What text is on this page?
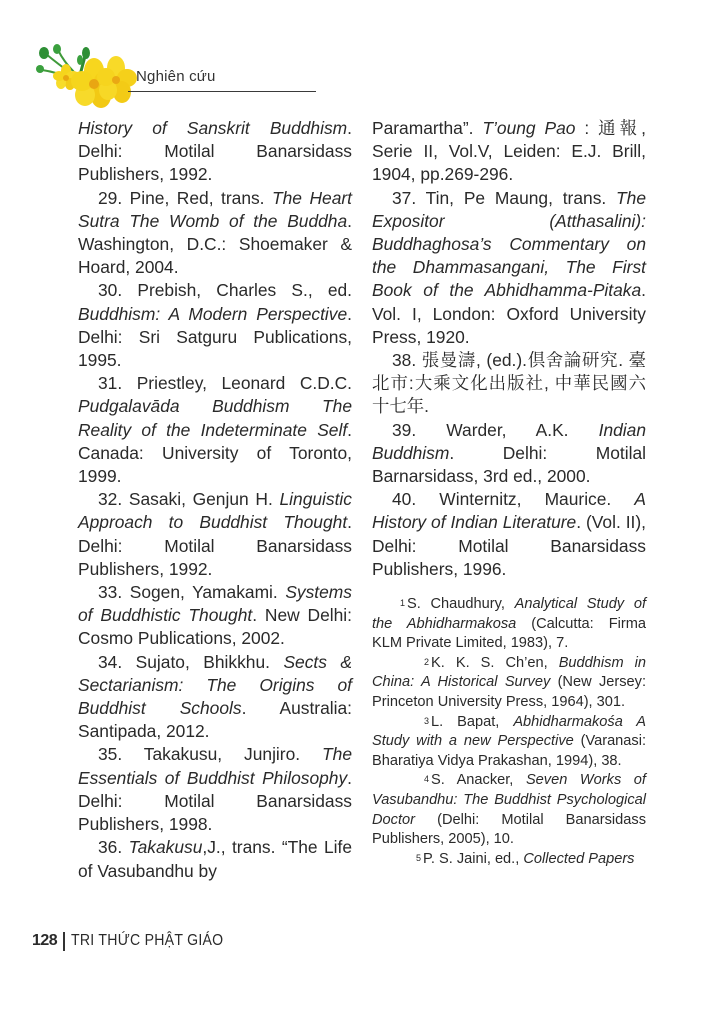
Nghiên cứu

History of Sanskrit Buddhism. Delhi: Motilal Banarsidass Publishers, 1992.

29. Pine, Red, trans. The Heart Sutra The Womb of the Buddha. Washington, D.C.: Shoemaker & Hoard, 2004.

30. Prebish, Charles S., ed. Buddhism: A Modern Perspective. Delhi: Sri Satguru Publications, 1995.

31. Priestley, Leonard C.D.C. Pudgalavāda Buddhism The Reality of the Indeterminate Self. Canada: University of Toronto, 1999.

32. Sasaki, Genjun H. Linguistic Approach to Buddhist Thought. Delhi: Motilal Banarsidass Publishers, 1992.

33. Sogen, Yamakami. Systems of Buddhistic Thought. New Delhi: Cosmo Publications, 2002.

34. Sujato, Bhikkhu. Sects & Sectarianism: The Origins of Buddhist Schools. Australia: Santipada, 2012.

35. Takakusu, Junjiro. The Essentials of Buddhist Philosophy. Delhi: Motilal Banarsidass Publishers, 1998.

36. Takakusu,J., trans. “The Life of Vasubandhu by

Paramartha”. T’oung Pao : 通報, Serie II, Vol.V, Leiden: E.J. Brill, 1904, pp.269-296.

37. Tin, Pe Maung, trans. The Expositor (Atthasalini): Buddhaghosa’s Commentary on the Dhammasangani, The First Book of the Abhidhamma-Pitaka. Vol. I, London: Oxford University Press, 1920.

38. 張曼濤, (ed.).倶舍論研究. 臺北市:大乘文化出版社, 中華民國六十七年.

39. Warder, A.K. Indian Buddhism. Delhi: Motilal Barnarsidass, 3rd ed., 2000.

40. Winternitz, Maurice. A History of Indian Literature. (Vol. II), Delhi: Motilal Banarsidass Publishers, 1996.

$^1$ S. Chaudhury, Analytical Study of the Abhidharmakosa (Calcutta: Firma KLM Private Limited, 1983), 7.

$^2$ K. K. S. Ch’en, Buddhism in China: A Historical Survey (New Jersey: Princeton University Press, 1964), 301.

$^3$ L. Bapat, Abhidharmakośa A Study with a new Perspective (Varanasi: Bharatiya Vidya Prakashan, 1994), 38.

$^4$ S. Anacker, Seven Works of Vasubandhu: The Buddhist Psychological Doctor (Delhi: Motilal Banarsidass Publishers, 2005), 10.

$^5$ P. S. Jaini, ed., Collected Papers

128 TRI THỨC PHẬT GIÁO
